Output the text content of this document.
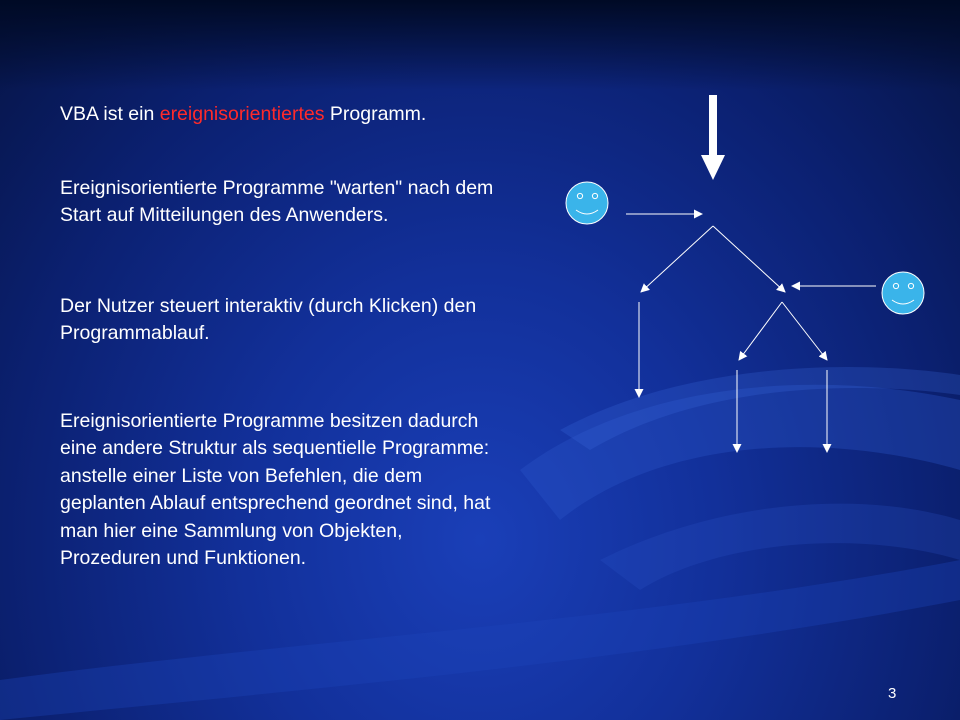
VBA ist ein ereignisorientiertes Programm.

Ereignisorientierte Programme "warten" nach dem Start auf Mitteilungen des Anwenders.

Der Nutzer steuert interaktiv (durch Klicken) den Programmablauf.

Ereignisorientierte Programme besitzen dadurch eine andere Struktur als sequentielle Programme: anstelle einer Liste von Befehlen, die dem geplanten Ablauf entsprechend geordnet sind, hat man hier eine Sammlung von Objekten, Prozeduren und Funktionen.

3
